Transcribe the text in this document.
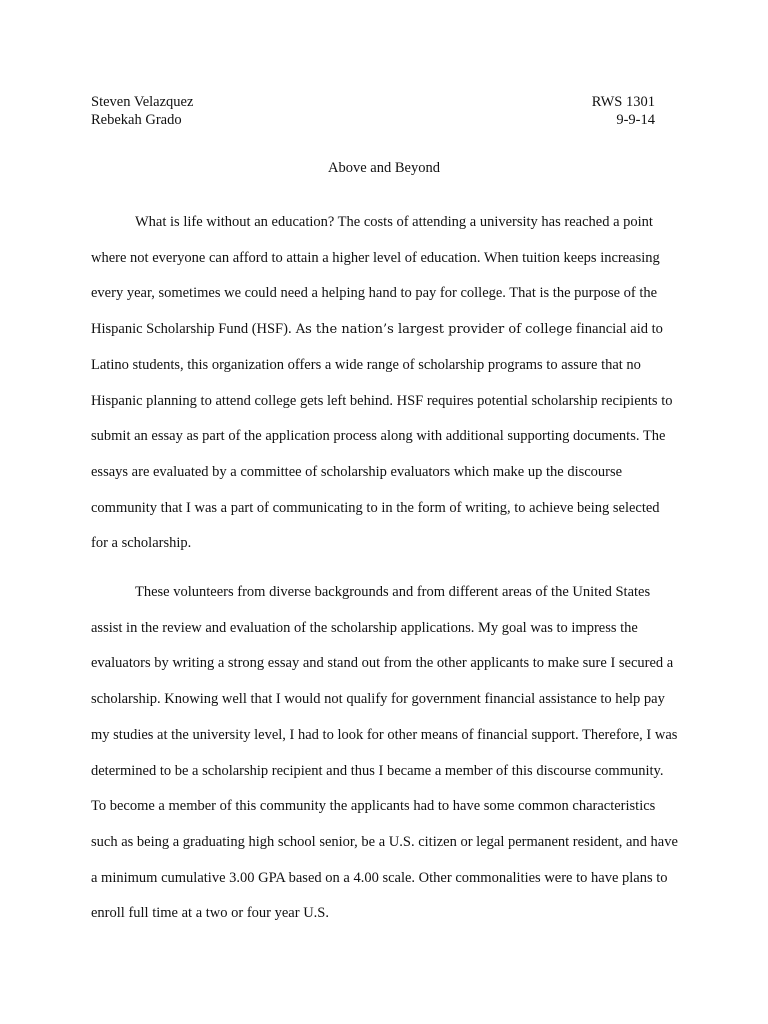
Steven Velazquez	RWS 1301
Rebekah Grado	9-9-14
Above and Beyond

What is life without an education? The costs of attending a university has reached a point where not everyone can afford to attain a higher level of education. When tuition keeps increasing every year, sometimes we could need a helping hand to pay for college. That is the purpose of the Hispanic Scholarship Fund (HSF). As the nation’s largest provider of college financial aid to Latino students, this organization offers a wide range of scholarship programs to assure that no Hispanic planning to attend college gets left behind. HSF requires potential scholarship recipients to submit an essay as part of the application process along with additional supporting documents. The essays are evaluated by a committee of scholarship evaluators which make up the discourse community that I was a part of communicating to in the form of writing, to achieve being selected for a scholarship.

These volunteers from diverse backgrounds and from different areas of the United States assist in the review and evaluation of the scholarship applications. My goal was to impress the evaluators by writing a strong essay and stand out from the other applicants to make sure I secured a scholarship. Knowing well that I would not qualify for government financial assistance to help pay my studies at the university level, I had to look for other means of financial support. Therefore, I was determined to be a scholarship recipient and thus I became a member of this discourse community. To become a member of this community the applicants had to have some common characteristics such as being a graduating high school senior, be a U.S. citizen or legal permanent resident, and have a minimum cumulative 3.00 GPA based on a 4.00 scale. Other commonalities were to have plans to enroll full time at a two or four year U.S.
